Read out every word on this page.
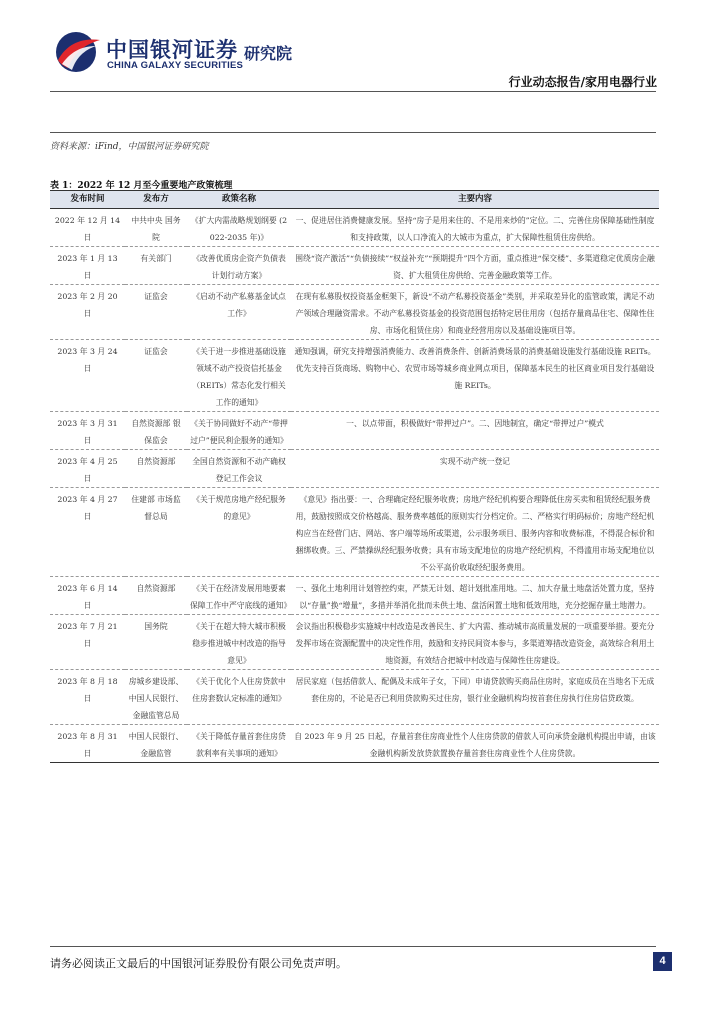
中国银河证券
CHINA GALAXY SECURITIES
研究院
行业动态报告/家用电器行业
资料来源：iFind，中国银河证券研究院
表 1：2022 年 12 月至今重要地产政策梳理
发布时间	发布方	政策名称	主要内容
2022 年 12 月 14 日	中共中央 国务院	《扩大内需战略规划纲要 (2022-2035 年)》	一、促进居住消费健康发展。坚持“房子是用来住的、不是用来炒的”定位。二、完善住房保障基础性制度和支持政策，以人口净流入的大城市为重点，扩大保障性租赁住房供给。
2023 年 1 月 13 日	有关部门	《改善优质房企资产负债表计划行动方案》	围绕“资产激活”“负债接续”“权益补充”“预期提升”四个方面，重点推进“保交楼”、多渠道稳定优质房企融资、扩大租赁住房供给、完善金融政策等工作。
2023 年 2 月 20 日	证监会	《启动不动产私募基金试点工作》	在现有私募股权投资基金框架下，新设“不动产私募投资基金”类别，并采取差异化的监管政策，满足不动产领域合理融资需求。不动产私募投资基金的投资范围包括特定居住用房（包括存量商品住宅、保障性住房、市场化租赁住房）和商业经营用房以及基础设施项目等。
2023 年 3 月 24 日	证监会	《关于进一步推进基础设施领域不动产投资信托基金（REITs）常态化发行相关工作的通知》	通知强调，研究支持增强消费能力、改善消费条件、创新消费场景的消费基础设施发行基础设施 REITs。优先支持百货商场、购物中心、农贸市场等城乡商业网点项目，保障基本民生的社区商业项目发行基础设施 REITs。
2023 年 3 月 31 日	自然资源部 银保监会	《关于协同做好不动产“带押过户”便民利企服务的通知》	一、以点带面，积极做好“带押过户”。二、因地制宜，确定“带押过户”模式
2023 年 4 月 25 日	自然资源部	全国自然资源和不动产确权登记工作会议	实现不动产统一登记
2023 年 4 月 27 日	住建部 市场监督总局	《关于规范房地产经纪服务的意见》	《意见》指出要：一、合理确定经纪服务收费；房地产经纪机构要合理降低住房买卖和租赁经纪服务费用，鼓励按照成交价格越高、服务费率越低的原则实行分档定价。二、严格实行明码标价；房地产经纪机构应当在经营门店、网站、客户端等场所或渠道，公示服务项目、服务内容和收费标准，不得混合标价和捆绑收费。三、严禁操纵经纪服务收费；具有市场支配地位的房地产经纪机构，不得滥用市场支配地位以不公平高价收取经纪服务费用。
2023 年 6 月 14 日	自然资源部	《关于在经济发展用地要素保障工作中严守底线的通知》	一、强化土地利用计划管控约束，严禁无计划、超计划批准用地。二、加大存量土地盘活处置力度，坚持以“存量”换“增量”，多措并举消化批而未供土地、盘活闲置土地和低效用地，充分挖掘存量土地潜力。
2023 年 7 月 21 日	国务院	《关于在超大特大城市积极稳步推进城中村改造的指导意见》	会议指出积极稳步实施城中村改造是改善民生、扩大内需、推动城市高质量发展的一项重要举措。要充分发挥市场在资源配置中的决定性作用，鼓励和支持民间资本参与，多渠道筹措改造资金，高效综合利用土地资源，有效结合把城中村改造与保障性住房建设。
2023 年 8 月 18 日	房城乡建设部、中国人民银行、金融监管总局	《关于优化个人住房贷款中住房套数认定标准的通知》	居民家庭（包括借款人、配偶及未成年子女，下同）申请贷款购买商品住房时，家庭成员在当地名下无成套住房的，不论是否已利用贷款购买过住房，银行业金融机构均按首套住房执行住房信贷政策。
2023 年 8 月 31 日	中国人民银行、金融监管	《关于降低存量首套住房贷款利率有关事项的通知》	自 2023 年 9 月 25 日起，存量首套住房商业性个人住房贷款的借款人可向承贷金融机构提出申请，由该金融机构新发放贷款置换存量首套住房商业性个人住房贷款。
请务必阅读正文最后的中国银河证券股份有限公司免责声明。	4
